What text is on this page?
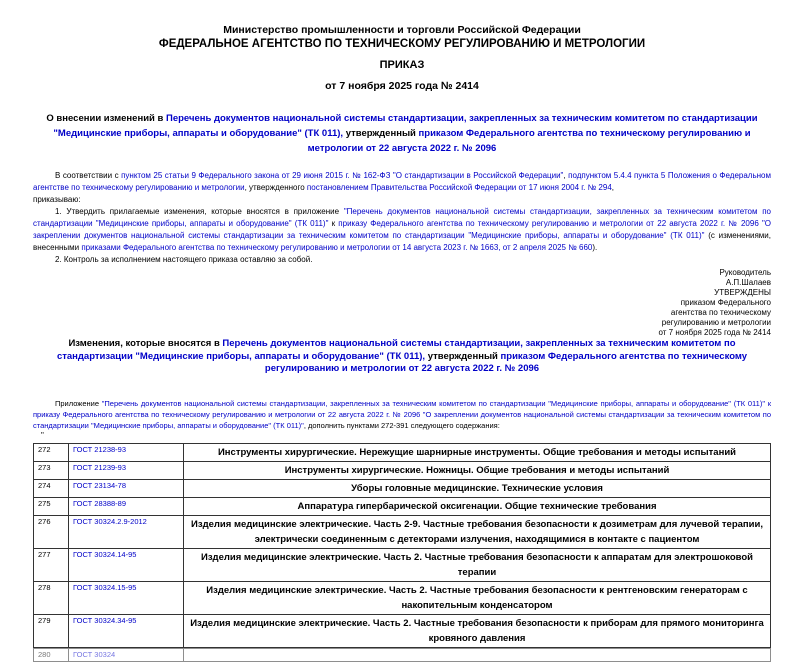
Министерство промышленности и торговли Российской Федерации
ФЕДЕРАЛЬНОЕ АГЕНТСТВО ПО ТЕХНИЧЕСКОМУ РЕГУЛИРОВАНИЮ И МЕТРОЛОГИИ
ПРИКАЗ
от 7 ноября 2025 года № 2414
О внесении изменений в Перечень документов национальной системы стандартизации, закрепленных за техническим комитетом по стандартизации "Медицинские приборы, аппараты и оборудование" (ТК 011), утвержденный приказом Федерального агентства по техническому регулированию и метрологии от 22 августа 2022 г. № 2096
В соответствии с пунктом 25 статьи 9 Федерального закона от 29 июня 2015 г. № 162-ФЗ "О стандартизации в Российской Федерации", подпунктом 5.4.4 пункта 5 Положения о Федеральном агентстве по техническому регулированию и метрологии, утвержденного постановлением Правительства Российской Федерации от 17 июня 2004 г. № 294,
приказываю:
1. Утвердить прилагаемые изменения, которые вносятся в приложение "Перечень документов национальной системы стандартизации, закрепленных за техническим комитетом по стандартизации "Медицинские приборы, аппараты и оборудование" (ТК 011)" к приказу Федерального агентства по техническому регулированию и метрологии от 22 августа 2022 г. № 2096 "О закреплении документов национальной системы стандартизации за техническим комитетом по стандартизации "Медицинские приборы, аппараты и оборудование" (ТК 011)" (с изменениями, внесенными приказами Федерального агентства по техническому регулированию и метрологии от 14 августа 2023 г. № 1663, от 2 апреля 2025 № 660).
2. Контроль за исполнением настоящего приказа оставляю за собой.
Руководитель
А.П.Шалаев
УТВЕРЖДЕНЫ
приказом Федерального
агентства по техническому
регулированию и метрологии
от 7 ноября 2025 года № 2414
Изменения, которые вносятся в Перечень документов национальной системы стандартизации, закрепленных за техническим комитетом по стандартизации "Медицинские приборы, аппараты и оборудование" (ТК 011), утвержденный приказом Федерального агентства по техническому регулированию и метрологии от 22 августа 2022 г. № 2096
Приложение "Перечень документов национальной системы стандартизации, закрепленных за техническим комитетом по стандартизации "Медицинские приборы, аппараты и оборудование" (ТК 011)" к приказу Федерального агентства по техническому регулированию и метрологии от 22 августа 2022 г. № 2096 "О закреплении документов национальной системы стандартизации за техническим комитетом по стандартизации "Медицинские приборы, аппараты и оборудование" (ТК 011)", дополнить пунктами 272-391 следующего содержания:
"
272	ГОСТ 21238-93	Инструменты хирургические. Нережущие шарнирные инструменты. Общие требования и методы испытаний
273	ГОСТ 21239-93	Инструменты хирургические. Ножницы. Общие требования и методы испытаний
274	ГОСТ 23134-78	Уборы головные медицинские. Технические условия
275	ГОСТ 28388-89	Аппаратура гипербарической оксигенации. Общие технические требования
276	ГОСТ 30324.2.9-2012	Изделия медицинские электрические. Часть 2-9. Частные требования безопасности к дозиметрам для лучевой терапии, электрически соединенным с детекторами излучения, находящимися в контакте с пациентом
277	ГОСТ 30324.14-95	Изделия медицинские электрические. Часть 2. Частные требования безопасности к аппаратам для электрошоковой терапии
278	ГОСТ 30324.15-95	Изделия медицинские электрические. Часть 2. Частные требования безопасности к рентгеновским генераторам с накопительным конденсатором
279	ГОСТ 30324.34-95	Изделия медицинские электрические. Часть 2. Частные требования безопасности к приборам для прямого мониторинга кровяного давления
280	ГОСТ 30324	
